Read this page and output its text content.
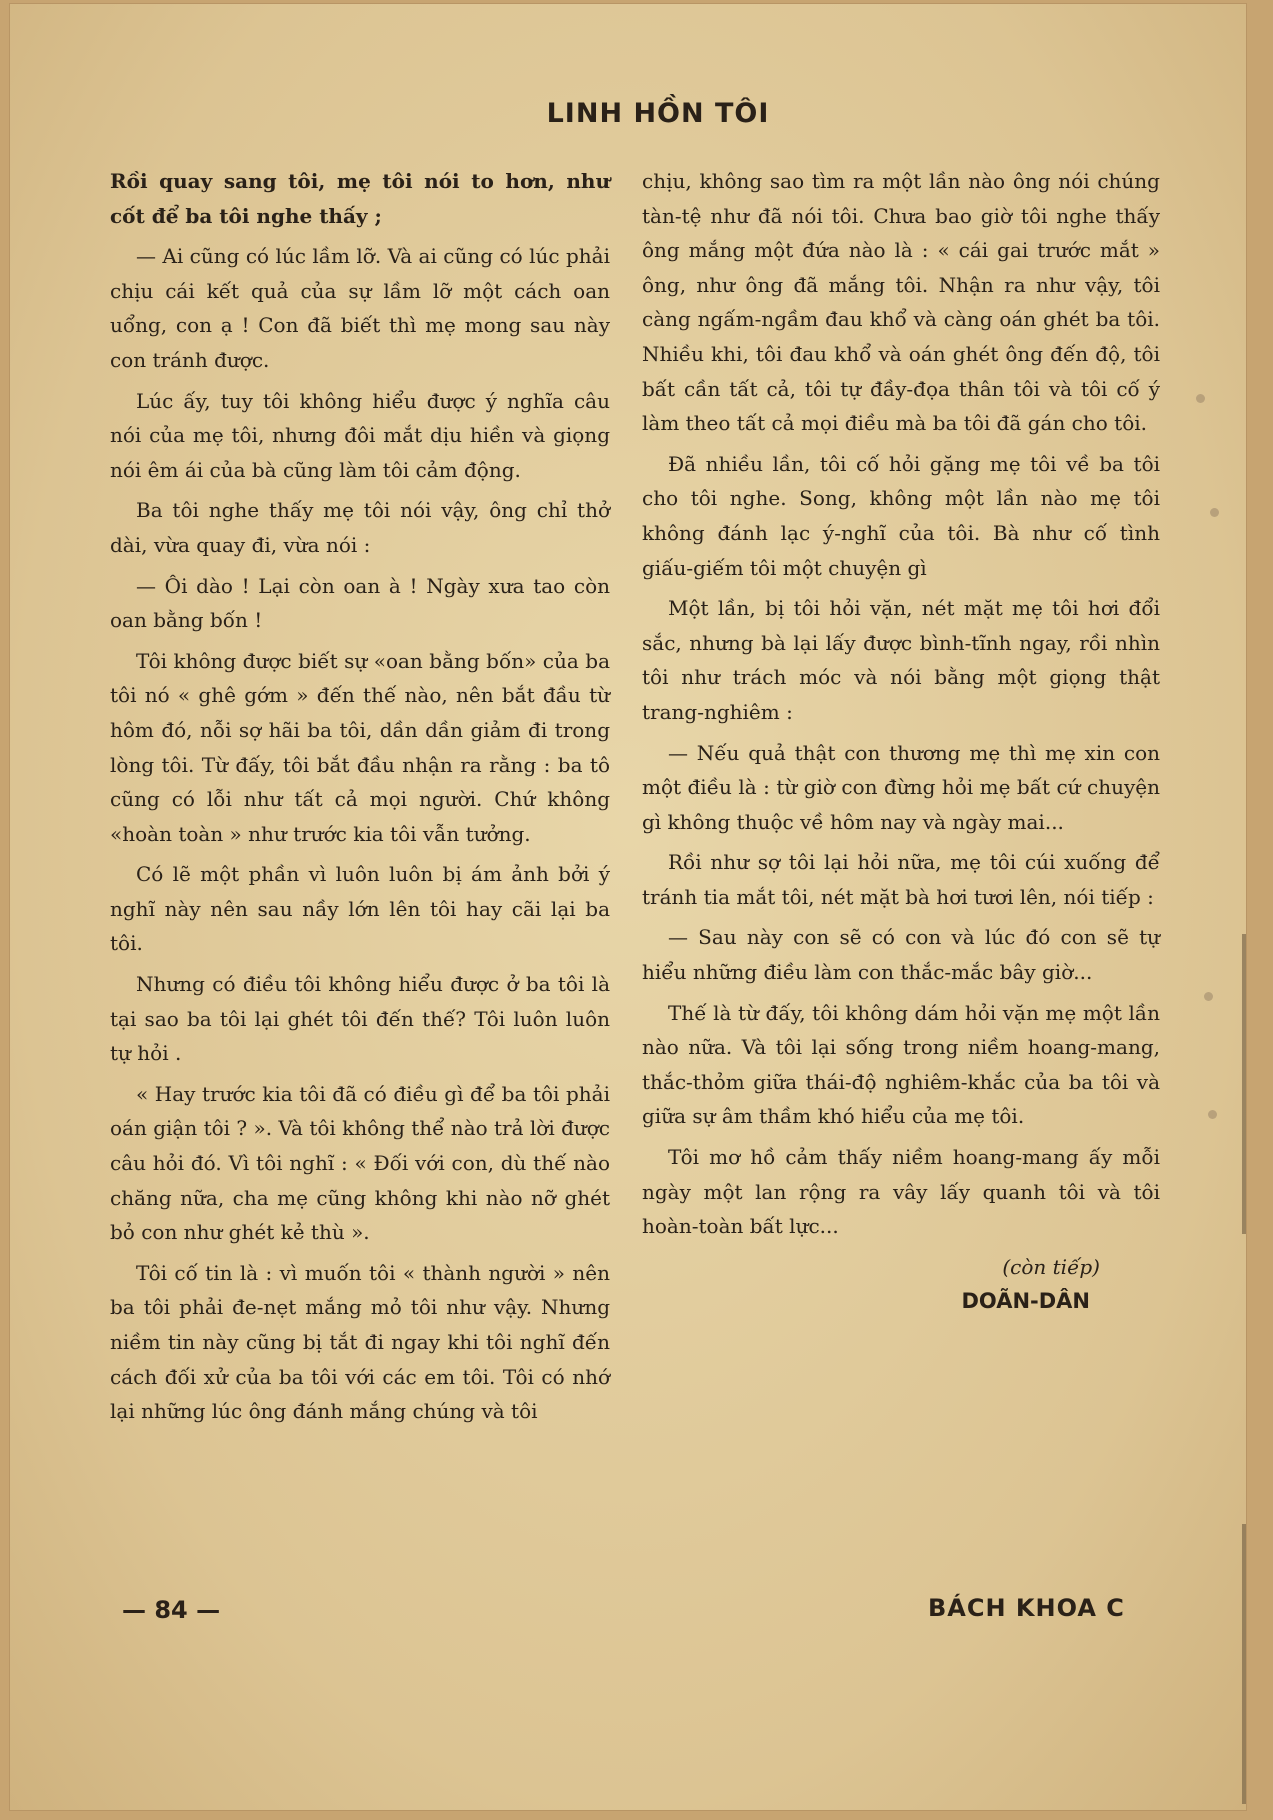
LINH HỒN TÔI

Rồi quay sang tôi, mẹ tôi nói to hơn, như cốt để ba tôi nghe thấy ;

— Ai cũng có lúc lầm lỡ. Và ai cũng có lúc phải chịu cái kết quả của sự lầm lỡ một cách oan uổng, con ạ ! Con đã biết thì mẹ mong sau này con tránh được.

Lúc ấy, tuy tôi không hiểu được ý nghĩa câu nói của mẹ tôi, nhưng đôi mắt dịu hiền và giọng nói êm ái của bà cũng làm tôi cảm động.

Ba tôi nghe thấy mẹ tôi nói vậy, ông chỉ thở dài, vừa quay đi, vừa nói :

— Ôi dào ! Lại còn oan à ! Ngày xưa tao còn oan bằng bốn !

Tôi không được biết sự «oan bằng bốn» của ba tôi nó « ghê gớm » đến thế nào, nên bắt đầu từ hôm đó, nỗi sợ hãi ba tôi, dần dần giảm đi trong lòng tôi. Từ đấy, tôi bắt đầu nhận ra rằng : ba tô cũng có lỗi như tất cả mọi người. Chứ không «hoàn toàn » như trước kia tôi vẫn tưởng.

Có lẽ một phần vì luôn luôn bị ám ảnh bởi ý nghĩ này nên sau nầy lớn lên tôi hay cãi lại ba tôi.

Nhưng có điều tôi không hiểu được ở ba tôi là tại sao ba tôi lại ghét tôi đến thế? Tôi luôn luôn tự hỏi .

« Hay trước kia tôi đã có điều gì để ba tôi phải oán giận tôi ? ». Và tôi không thể nào trả lời được câu hỏi đó. Vì tôi nghĩ : « Đối với con, dù thế nào chăng nữa, cha mẹ cũng không khi nào nỡ ghét bỏ con như ghét kẻ thù ».

Tôi cố tin là : vì muốn tôi « thành người » nên ba tôi phải đe-nẹt mắng mỏ tôi như vậy. Nhưng niềm tin này cũng bị tắt đi ngay khi tôi nghĩ đến cách đối xử của ba tôi với các em tôi. Tôi có nhớ lại những lúc ông đánh mắng chúng và tôi

chịu, không sao tìm ra một lần nào ông nói chúng tàn-tệ như đã nói tôi. Chưa bao giờ tôi nghe thấy ông mắng một đứa nào là : « cái gai trước mắt » ông, như ông đã mắng tôi. Nhận ra như vậy, tôi càng ngấm-ngầm đau khổ và càng oán ghét ba tôi. Nhiều khi, tôi đau khổ và oán ghét ông đến độ, tôi bất cần tất cả, tôi tự đầy-đọa thân tôi và tôi cố ý làm theo tất cả mọi điều mà ba tôi đã gán cho tôi.

Đã nhiều lần, tôi cố hỏi gặng mẹ tôi về ba tôi cho tôi nghe. Song, không một lần nào mẹ tôi không đánh lạc ý-nghĩ của tôi. Bà như cố tình giấu-giếm tôi một chuyện gì

Một lần, bị tôi hỏi vặn, nét mặt mẹ tôi hơi đổi sắc, nhưng bà lại lấy được bình-tĩnh ngay, rồi nhìn tôi như trách móc và nói bằng một giọng thật trang-nghiêm :

— Nếu quả thật con thương mẹ thì mẹ xin con một điều là : từ giờ con đừng hỏi mẹ bất cứ chuyện gì không thuộc về hôm nay và ngày mai...

Rồi như sợ tôi lại hỏi nữa, mẹ tôi cúi xuống để tránh tia mắt tôi, nét mặt bà hơi tươi lên, nói tiếp :

— Sau này con sẽ có con và lúc đó con sẽ tự hiểu những điều làm con thắc-mắc bây giờ...

Thế là từ đấy, tôi không dám hỏi vặn mẹ một lần nào nữa. Và tôi lại sống trong niềm hoang-mang, thắc-thỏm giữa thái-độ nghiêm-khắc của ba tôi và giữa sự âm thầm khó hiểu của mẹ tôi.

Tôi mơ hồ cảm thấy niềm hoang-mang ấy mỗi ngày một lan rộng ra vây lấy quanh tôi và tôi hoàn-toàn bất lực...

(còn tiếp)
DOÃN-DÂN
— 84 —	BÁCH KHOA C
